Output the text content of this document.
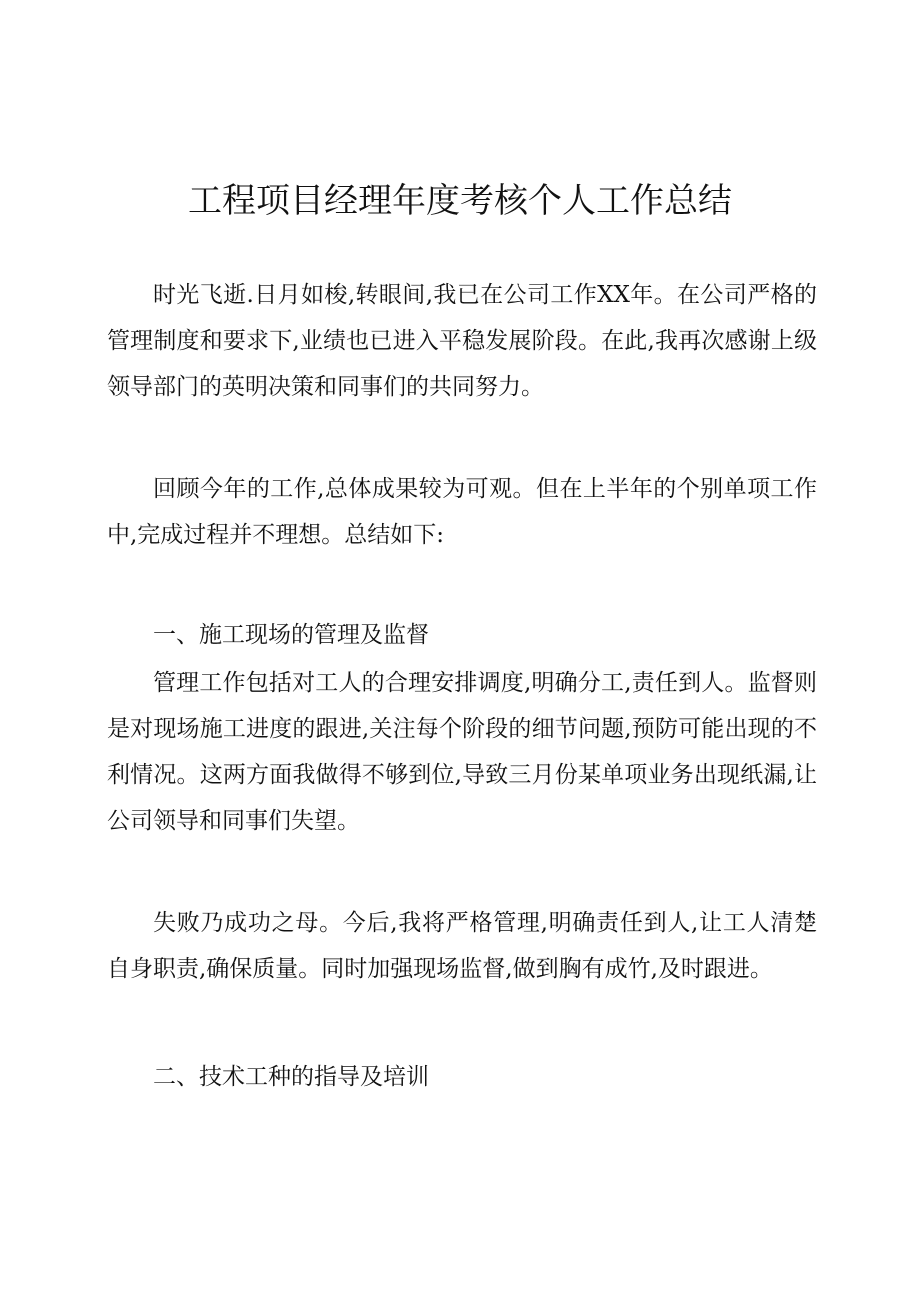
工程项目经理年度考核个人工作总结

时光飞逝.日月如梭,转眼间,我已在公司工作XX年。在公司严格的管理制度和要求下,业绩也已进入平稳发展阶段。在此,我再次感谢上级领导部门的英明决策和同事们的共同努力。

回顾今年的工作,总体成果较为可观。但在上半年的个别单项工作中,完成过程并不理想。总结如下:

一、施工现场的管理及监督

管理工作包括对工人的合理安排调度,明确分工,责任到人。监督则是对现场施工进度的跟进,关注每个阶段的细节问题,预防可能出现的不利情况。这两方面我做得不够到位,导致三月份某单项业务出现纸漏,让公司领导和同事们失望。

失败乃成功之母。今后,我将严格管理,明确责任到人,让工人清楚自身职责,确保质量。同时加强现场监督,做到胸有成竹,及时跟进。

二、技术工种的指导及培训
